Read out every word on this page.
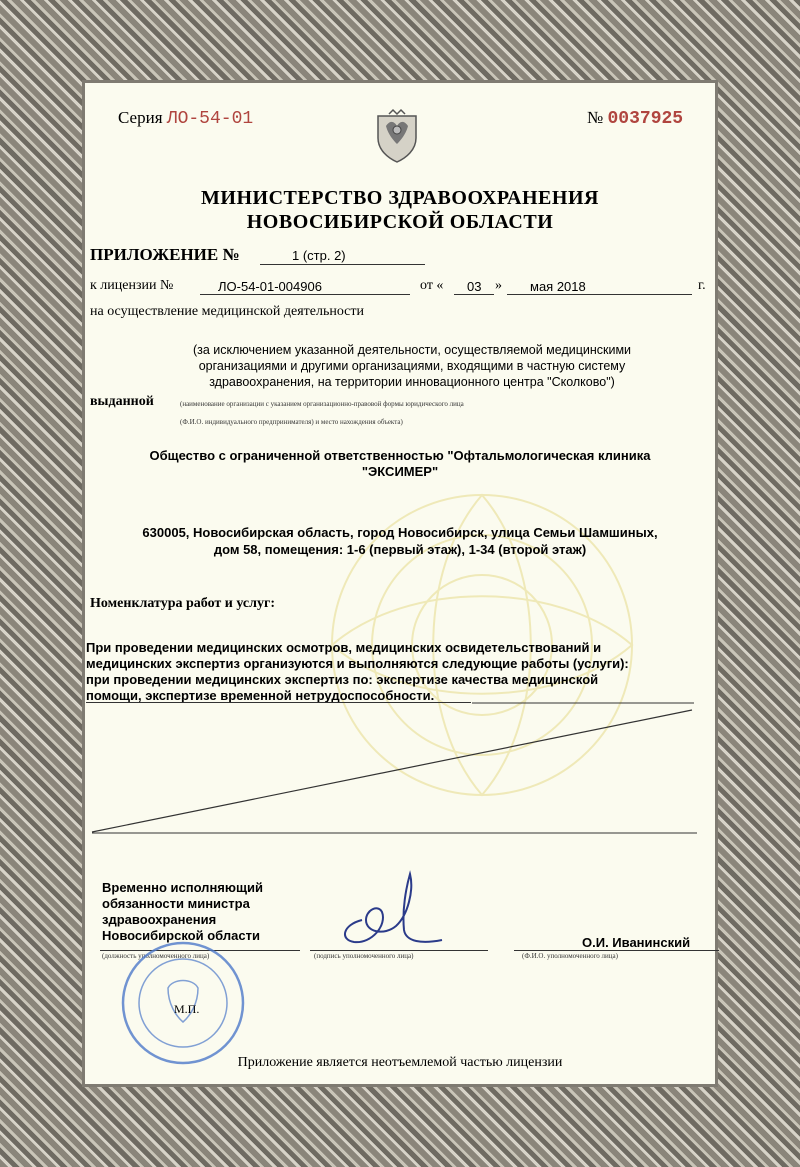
Серия ЛО-54-01	№ 0037925
МИНИСТЕРСТВО ЗДРАВООХРАНЕНИЯ
НОВОСИБИРСКОЙ ОБЛАСТИ
ПРИЛОЖЕНИЕ №	1 (стр. 2)
к лицензии №	ЛО-54-01-004906	от « 03 » мая 2018	г.
на осуществление медицинской деятельности
(за исключением указанной деятельности, осуществляемой медицинскими
организациями и другими организациями, входящими в частную систему
здравоохранения, на территории инновационного центра "Сколково")
выданной	(наименование организации с указанием организационно-правовой формы юридического лица
(Ф.И.О. индивидуального предпринимателя) и место нахождения объекта)
Общество с ограниченной ответственностью "Офтальмологическая клиника
"ЭКСИМЕР"
630005, Новосибирская область, город Новосибирск, улица Семьи Шамшиных,
дом 58, помещения: 1-6 (первый этаж), 1-34 (второй этаж)
Номенклатура работ и услуг:
При проведении медицинских осмотров, медицинских освидетельствований и
медицинских экспертиз организуются и выполняются следующие работы (услуги):
при проведении медицинских экспертиз по: экспертизе качества медицинской
помощи, экспертизе временной нетрудоспособности.
Временно исполняющий
обязанности министра
здравоохранения
Новосибирской области
(должность уполномоченного лица)	(подпись уполномоченного лица)
О.И. Иванинский
(Ф.И.О. уполномоченного лица)
М.П.
Приложение является неотъемлемой частью лицензии
